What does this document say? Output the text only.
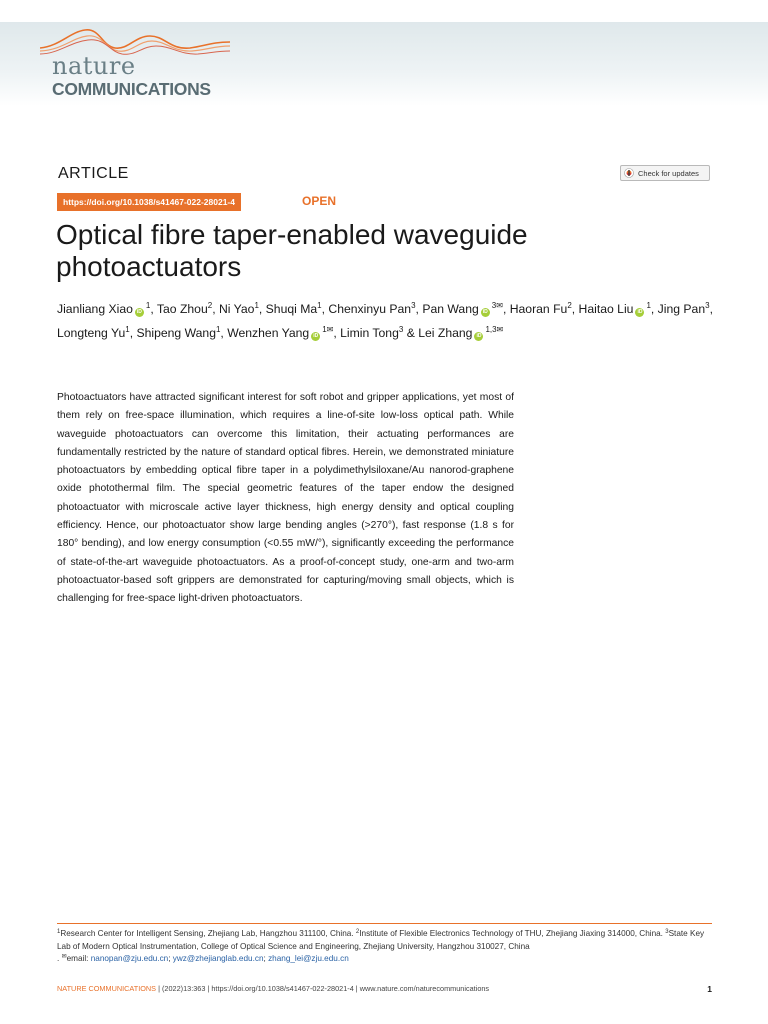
nature
COMMUNICATIONS
ARTICLE	Check for updates
https://doi.org/10.1038/s41467-022-28021-4	OPEN
Optical fibre taper-enabled waveguide photoactuators
Jianliang Xiao $iD^1$, Tao Zhou$^2$, Ni Yao$^1$, Shuqi Ma$^1$, Chenxinyu Pan$^3$, Pan Wang $iD^{3✉}$, Haoran Fu$^2$, Haitao Liu $iD^1$, Jing Pan$^3$, Longteng Yu$^1$, Shipeng Wang$^1$, Wenzhen Yang $iD^{1✉}$, Limin Tong$^3$ & Lei Zhang $iD^{1,3✉}$

Photoactuators have attracted significant interest for soft robot and gripper applications, yet most of them rely on free-space illumination, which requires a line-of-site low-loss optical path. While waveguide photoactuators can overcome this limitation, their actuating performances are fundamentally restricted by the nature of standard optical fibres. Herein, we demonstrated miniature photoactuators by embedding optical fibre taper in a polydimethylsiloxane/Au nanorod-graphene oxide photothermal film. The special geometric features of the taper endow the designed photoactuator with microscale active layer thickness, high energy density and optical coupling efficiency. Hence, our photoactuator show large bending angles (>270°), fast response (1.8 s for 180° bending), and low energy consumption (<0.55 mW/°), significantly exceeding the performance of state-of-the-art waveguide photoactuators. As a proof-of-concept study, one-arm and two-arm photoactuator-based soft grippers are demonstrated for capturing/moving small objects, which is challenging for free-space light-driven photoactuators.

$^1$Research Center for Intelligent Sensing, Zhejiang Lab, Hangzhou 311100, China. $^2$Institute of Flexible Electronics Technology of THU, Zhejiang Jiaxing 314000, China. $^3$State Key Lab of Modern Optical Instrumentation, College of Optical Science and Engineering, Zhejiang University, Hangzhou 310027, China
. ✉email: nanopan@zju.edu.cn; ywz@zhejianglab.edu.cn; zhang_lei@zju.edu.cn
NATURE COMMUNICATIONS | (2022)13:363 | https://doi.org/10.1038/s41467-022-28021-4 | www.nature.com/naturecommunications	1
